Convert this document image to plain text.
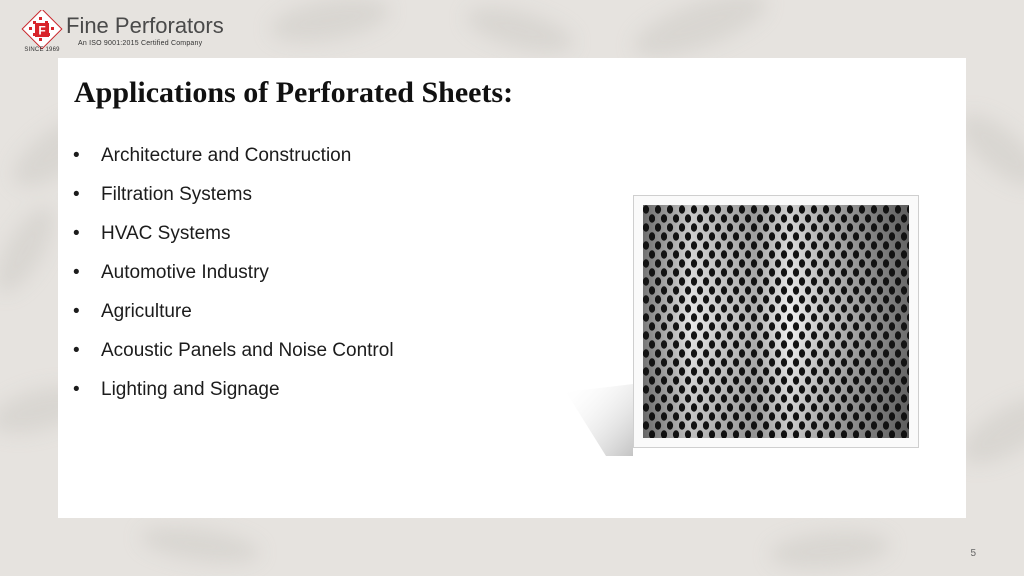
F
SINCE 1969
Fine Perforators
An ISO 9001:2015 Certified Company
Applications of Perforated Sheets:
• Architecture and Construction
• Filtration Systems
• HVAC Systems
• Automotive Industry
• Agriculture
• Acoustic Panels and Noise Control
• Lighting and Signage
5
